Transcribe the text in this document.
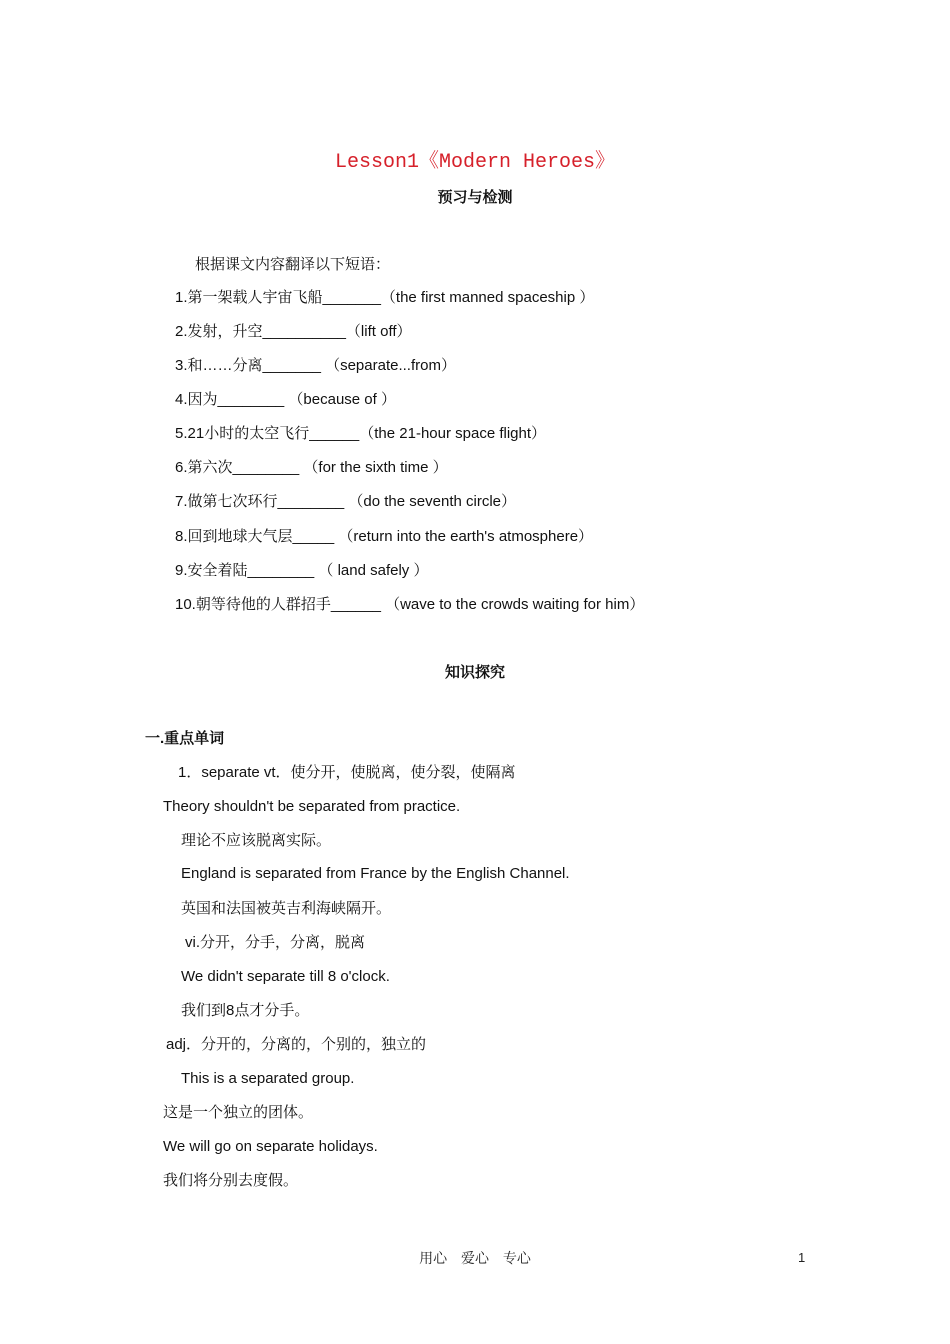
Lesson1《Modern Heroes》
预习与检测
根据课文内容翻译以下短语：
1.第一架载人宇宙飞船_______（the first manned spaceship ）
2.发射，升空__________（lift off）
3.和……分离_______ （separate...from）
4.因为________ （because of ）
5.21小时的太空飞行______（the 21-hour space flight）
6.第六次________ （for the sixth time ）
7.做第七次环行________ （do the seventh circle）
8.回到地球大气层_____ （return into the earth's atmosphere）
9.安全着陆________ （ land safely ）
10.朝等待他的人群招手______ （wave to the crowds waiting for him）
知识探究
一.重点单词
1．separate vt．使分开，使脱离，使分裂，使隔离
Theory shouldn't be separated from practice.
理论不应该脱离实际。
England is separated from France by the English Channel.
英国和法国被英吉利海峡隔开。
vi.分开，分手，分离，脱离
We didn't separate till 8 o'clock.
我们到8点才分手。
adj．分开的，分离的，个别的，独立的
This is a separated group.
这是一个独立的团体。
We will go on separate holidays.
我们将分别去度假。
用心 爱心 专心	1
